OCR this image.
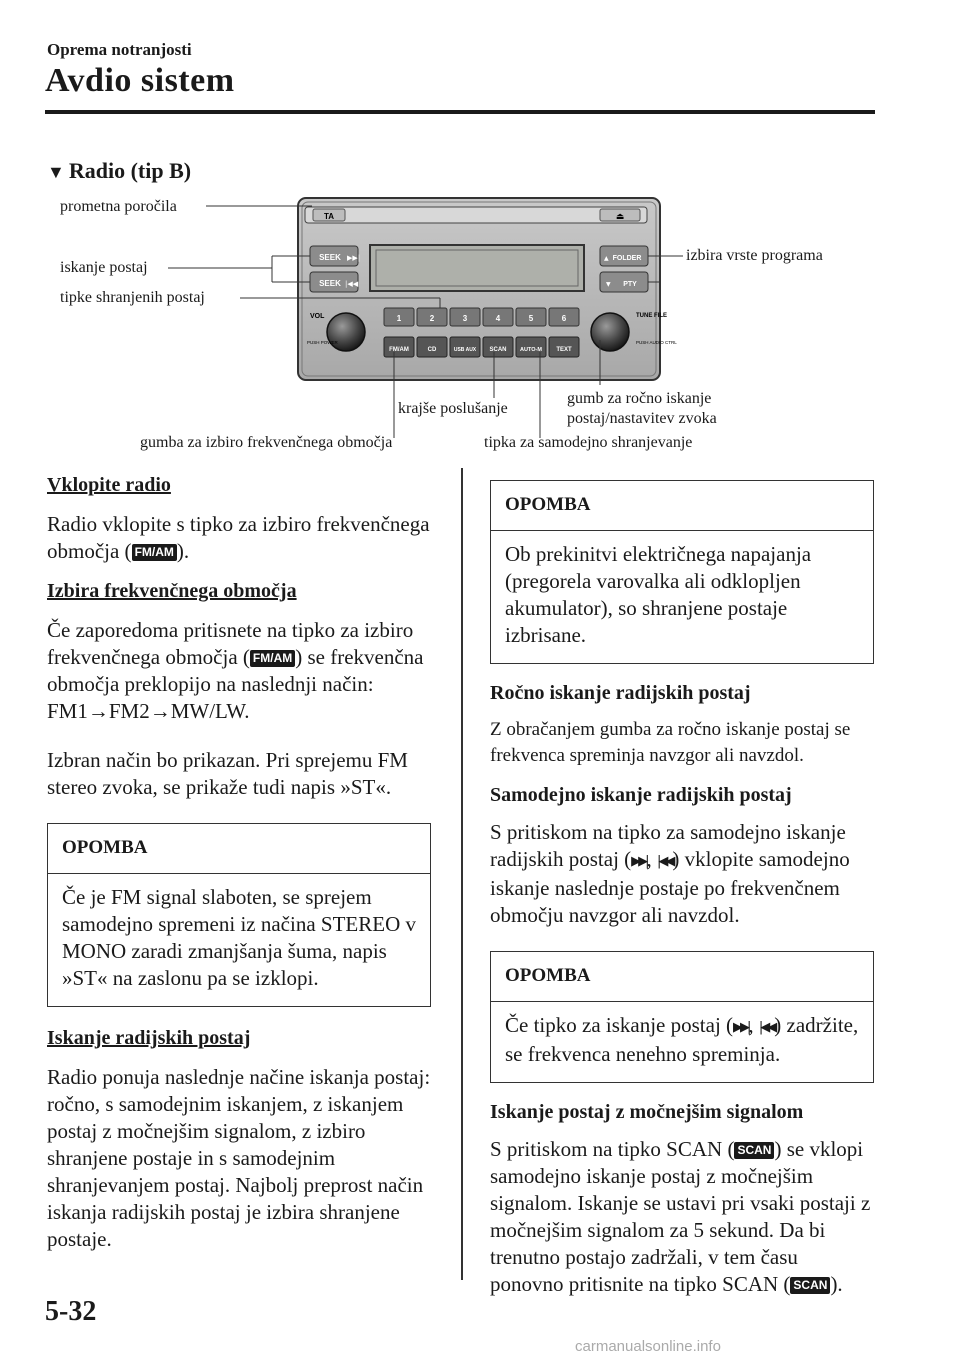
Oprema notranjosti
Avdio sistem
▼ Radio (tip B)
TA	⏏
SEEK ▶▶|
SEEK |◀◀
FOLDER
▲
PTY
▼
VOL
PUSH POWER
TUNE FILE
PUSH AUDIO CTRL
1	2	3	4	5	6
FM/AM	CD	USB AUX SCAN AUTO-M TEXT
prometna poročila
iskanje postaj
tipke shranjenih postaj
izbira vrste programa
krajše poslušanje
gumb za ročno iskanje
postaj/nastavitev zvoka
gumba za izbiro frekvenčnega območja	tipka za samodejno shranjevanje
Vklopite radio

Radio vklopite s tipko za izbiro frekvenčnega območja ( FM/AM ).

Izbira frekvenčnega območja

Če zaporedoma pritisnete na tipko za izbiro frekvenčnega območja ( FM/AM ) se frekvenčna območja preklopijo na naslednji način: FM1→FM2→MW/LW.

Izbran način bo prikazan. Pri sprejemu FM stereo zvoka, se prikaže tudi napis »ST«.

OPOMBA
Če je FM signal slaboten, se sprejem samodejno spremeni iz načina STEREO v MONO zaradi zmanjšanja šuma, napis »ST« na zaslonu pa se izklopi.
Iskanje radijskih postaj

Radio ponuja naslednje načine iskanja postaj: ročno, s samodejnim iskanjem, z iskanjem postaj z močnejšim signalom, z izbiro shranjene postaje in s samodejnim shranjevanjem postaj. Najbolj preprost način iskanja radijskih postaj je izbira shranjene postaje.

OPOMBA
Ob prekinitvi električnega napajanja (pregorela varovalka ali odklopljen akumulator), so shranjene postaje izbrisane.
Ročno iskanje radijskih postaj

Z obračanjem gumba za ročno iskanje postaj se frekvenca spreminja navzgor ali navzdol.

Samodejno iskanje radijskih postaj

S pritiskom na tipko za samodejno iskanje radijskih postaj (▶▶|, |◀◀) vklopite samodejno iskanje naslednje postaje po frekvenčnem območju navzgor ali navzdol.

OPOMBA
Če tipko za iskanje postaj (▶▶|, |◀◀) zadržite, se frekvenca nenehno spreminja.
Iskanje postaj z močnejšim signalom

S pritiskom na tipko SCAN ( SCAN ) se vklopi samodejno iskanje postaj z močnejšim signalom. Iskanje se ustavi pri vsaki postaji z močnejšim signalom za 5 sekund. Da bi trenutno postajo zadržali, v tem času ponovno pritisnite na tipko SCAN ( SCAN ).

5-32
carmanualsonline.info
